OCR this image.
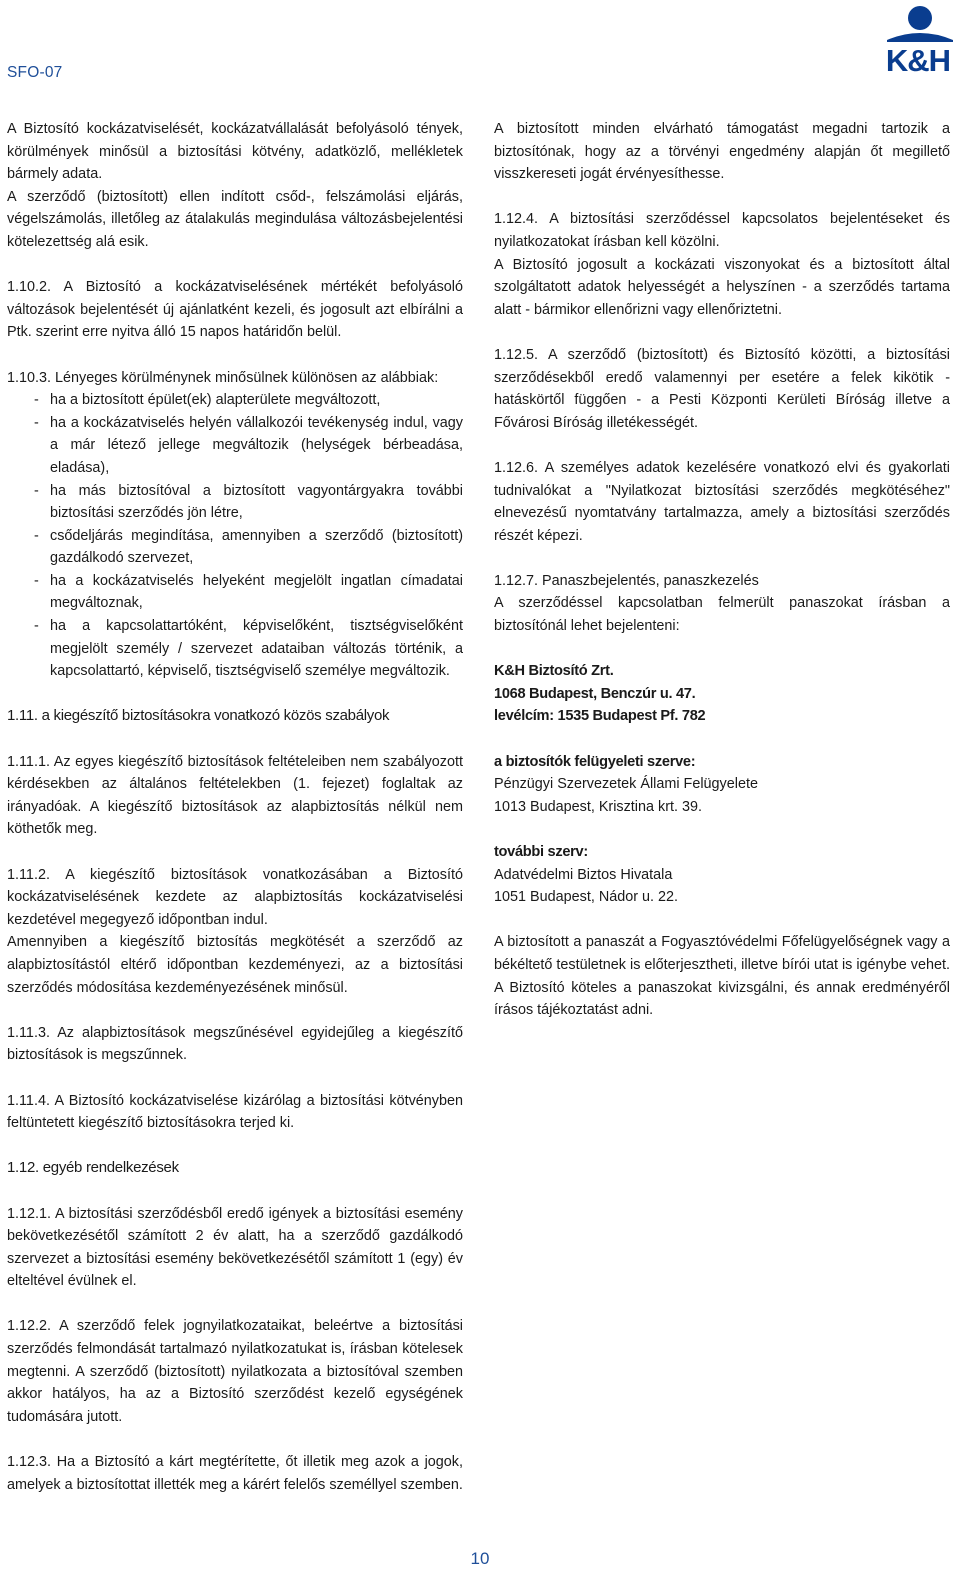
SFO-07	K&H

A Biztosító kockázatviselését, kockázatvállalását befolyásoló tények, körülmények minősül a biztosítási kötvény, adatközlő, mellékletek bármely adata.

A szerződő (biztosított) ellen indított csőd-, felszámolási eljárás, végelszámolás, illetőleg az átalakulás megindulása változásbejelentési kötelezettség alá esik.

1.10.2. A Biztosító a kockázatviselésének mértékét befolyásoló változások bejelentését új ajánlatként kezeli, és jogosult azt elbírálni a Ptk. szerint erre nyitva álló 15 napos határidőn belül.

1.10.3. Lényeges körülménynek minősülnek különösen az alábbiak:

- ha a biztosított épület(ek) alapterülete megváltozott,
- ha a kockázatviselés helyén vállalkozói tevékenység indul, vagy a már létező jellege megváltozik (helységek bérbeadása, eladása),
- ha más biztosítóval a biztosított vagyontárgyakra további biztosítási szerződés jön létre,
- csődeljárás megindítása, amennyiben a szerződő (biztosított) gazdálkodó szervezet,
- ha a kockázatviselés helyeként megjelölt ingatlan címadatai megváltoznak,
- ha a kapcsolattartóként, képviselőként, tisztségviselőként megjelölt személy / szervezet adataiban változás történik, a kapcsolattartó, képviselő, tisztségviselő személye megváltozik.
1.11. a kiegészítő biztosításokra vonatkozó közös szabályok

1.11.1. Az egyes kiegészítő biztosítások feltételeiben nem szabályozott kérdésekben az általános feltételekben (1. fejezet) foglaltak az irányadóak. A kiegészítő biztosítások az alapbiztosítás nélkül nem köthetők meg.

1.11.2. A kiegészítő biztosítások vonatkozásában a Biztosító kockázatviselésének kezdete az alapbiztosítás kockázatviselési kezdetével megegyező időpontban indul.

Amennyiben a kiegészítő biztosítás megkötését a szerződő az alapbiztosítástól eltérő időpontban kezdeményezi, az a biztosítási szerződés módosítása kezdeményezésének minősül.

1.11.3. Az alapbiztosítások megszűnésével egyidejűleg a kiegészítő biztosítások is megszűnnek.

1.11.4. A Biztosító kockázatviselése kizárólag a biztosítási kötvényben feltüntetett kiegészítő biztosításokra terjed ki.

1.12. egyéb rendelkezések

1.12.1. A biztosítási szerződésből eredő igények a biztosítási esemény bekövetkezésétől számított 2 év alatt, ha a szerződő gazdálkodó szervezet a biztosítási esemény bekövetkezésétől számított 1 (egy) év elteltével évülnek el.

1.12.2. A szerződő felek jognyilatkozataikat, beleértve a biztosítási szerződés felmondását tartalmazó nyilatkozatukat is, írásban kötelesek megtenni. A szerződő (biztosított) nyilatkozata a biztosítóval szemben akkor hatályos, ha az a Biztosító szerződést kezelő egységének tudomására jutott.

1.12.3. Ha a Biztosító a kárt megtérítette, őt illetik meg azok a jogok, amelyek a biztosítottat illették meg a kárért felelős személlyel szemben.

A biztosított minden elvárható támogatást megadni tartozik a biztosítónak, hogy az a törvényi engedmény alapján őt megillető visszkereseti jogát érvényesíthesse.

1.12.4. A biztosítási szerződéssel kapcsolatos bejelentéseket és nyilatkozatokat írásban kell közölni.

A Biztosító jogosult a kockázati viszonyokat és a biztosított által szolgáltatott adatok helyességét a helyszínen - a szerződés tartama alatt - bármikor ellenőrizni vagy ellenőriztetni.

1.12.5. A szerződő (biztosított) és Biztosító közötti, a biztosítási szerződésekből eredő valamennyi per esetére a felek kikötik - hatáskörtől függően - a Pesti Központi Kerületi Bíróság illetve a Fővárosi Bíróság illetékességét.

1.12.6. A személyes adatok kezelésére vonatkozó elvi és gyakorlati tudnivalókat a "Nyilatkozat biztosítási szerződés megkötéséhez" elnevezésű nyomtatvány tartalmazza, amely a biztosítási szerződés részét képezi.

1.12.7. Panaszbejelentés, panaszkezelés

A szerződéssel kapcsolatban felmerült panaszokat írásban a biztosítónál lehet bejelenteni:

K&H Biztosító Zrt.

1068 Budapest, Benczúr u. 47.

levélcím: 1535 Budapest Pf. 782

a biztosítók felügyeleti szerve:

Pénzügyi Szervezetek Állami Felügyelete

1013 Budapest, Krisztina krt. 39.

további szerv:

Adatvédelmi Biztos Hivatala

1051 Budapest, Nádor u. 22.

A biztosított a panaszát a Fogyasztóvédelmi Főfelügyelőségnek vagy a békéltető testületnek is előterjesztheti, illetve bírói utat is igénybe vehet.

A Biztosító köteles a panaszokat kivizsgálni, és annak eredményéről írásos tájékoztatást adni.

10
